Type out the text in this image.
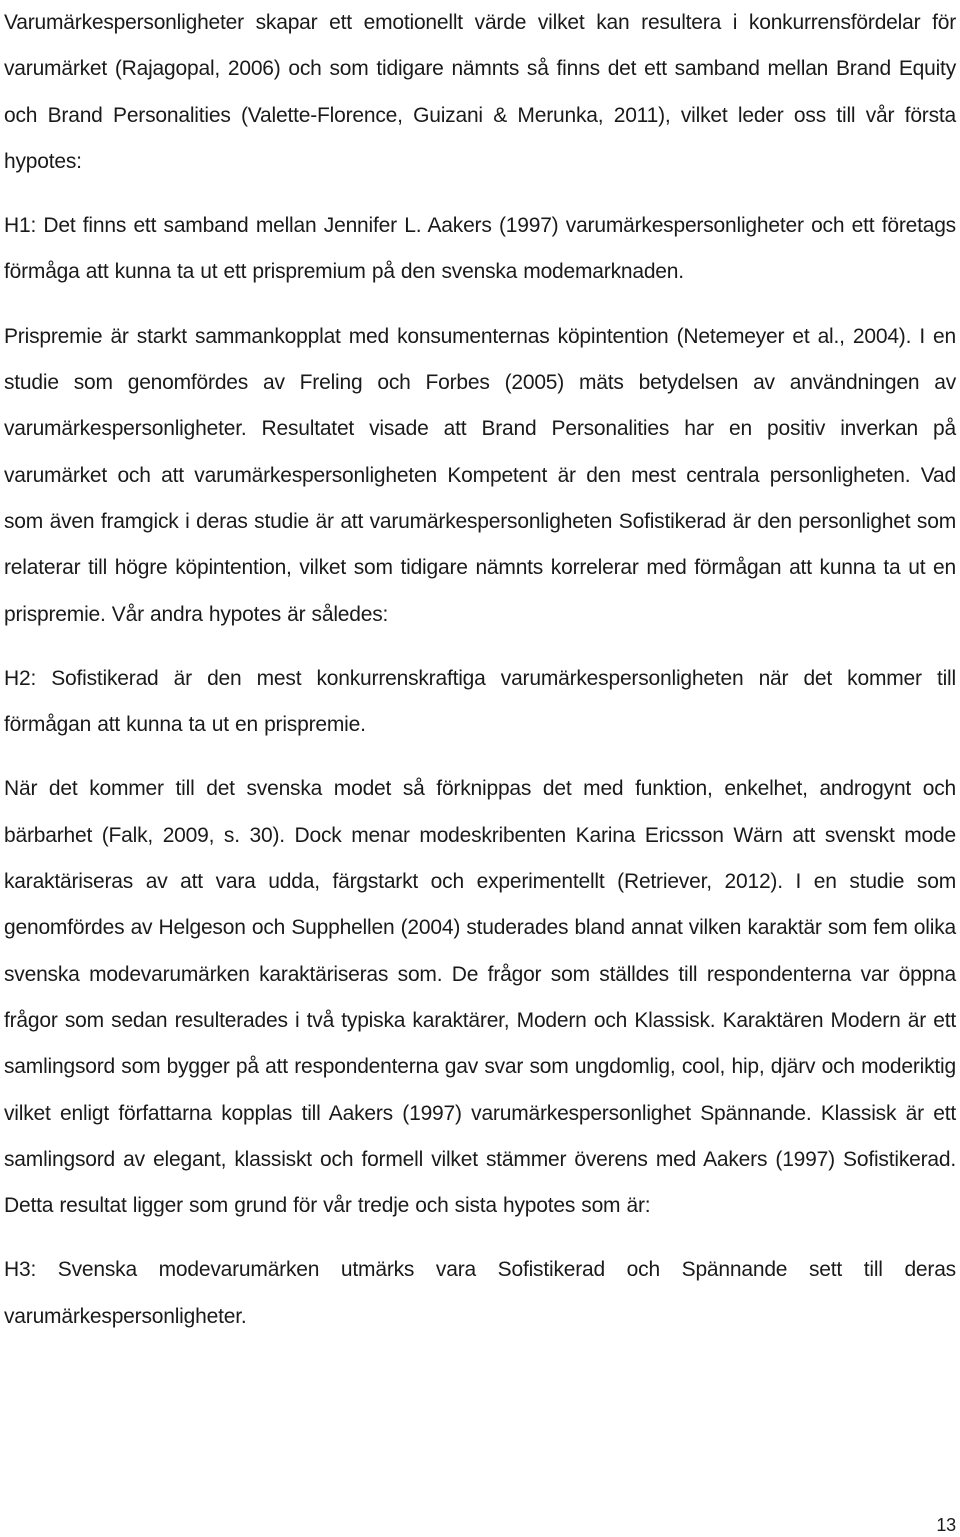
Varumärkespersonligheter skapar ett emotionellt värde vilket kan resultera i konkurrensfördelar för varumärket (Rajagopal, 2006) och som tidigare nämnts så finns det ett samband mellan Brand Equity och Brand Personalities (Valette-Florence, Guizani & Merunka, 2011), vilket leder oss till vår första hypotes:

H1: Det finns ett samband mellan Jennifer L. Aakers (1997) varumärkespersonligheter och ett företags förmåga att kunna ta ut ett prispremium på den svenska modemarknaden.

Prispremie är starkt sammankopplat med konsumenternas köpintention (Netemeyer et al., 2004). I en studie som genomfördes av Freling och Forbes (2005) mäts betydelsen av användningen av varumärkespersonligheter. Resultatet visade att Brand Personalities har en positiv inverkan på varumärket och att varumärkespersonligheten Kompetent är den mest centrala personligheten. Vad som även framgick i deras studie är att varumärkespersonligheten Sofistikerad är den personlighet som relaterar till högre köpintention, vilket som tidigare nämnts korrelerar med förmågan att kunna ta ut en prispremie. Vår andra hypotes är således:

H2: Sofistikerad är den mest konkurrenskraftiga varumärkespersonligheten när det kommer till förmågan att kunna ta ut en prispremie.

När det kommer till det svenska modet så förknippas det med funktion, enkelhet, androgynt och bärbarhet (Falk, 2009, s. 30). Dock menar modeskribenten Karina Ericsson Wärn att svenskt mode karaktäriseras av att vara udda, färgstarkt och experimentellt (Retriever, 2012). I en studie som genomfördes av Helgeson och Supphellen (2004) studerades bland annat vilken karaktär som fem olika svenska modevarumärken karaktäriseras som. De frågor som ställdes till respondenterna var öppna frågor som sedan resulterades i två typiska karaktärer, Modern och Klassisk. Karaktären Modern är ett samlingsord som bygger på att respondenterna gav svar som ungdomlig, cool, hip, djärv och moderiktig vilket enligt författarna kopplas till Aakers (1997) varumärkespersonlighet Spännande. Klassisk är ett samlingsord av elegant, klassiskt och formell vilket stämmer överens med Aakers (1997) Sofistikerad. Detta resultat ligger som grund för vår tredje och sista hypotes som är:

H3: Svenska modevarumärken utmärks vara Sofistikerad och Spännande sett till deras varumärkespersonligheter.

13
